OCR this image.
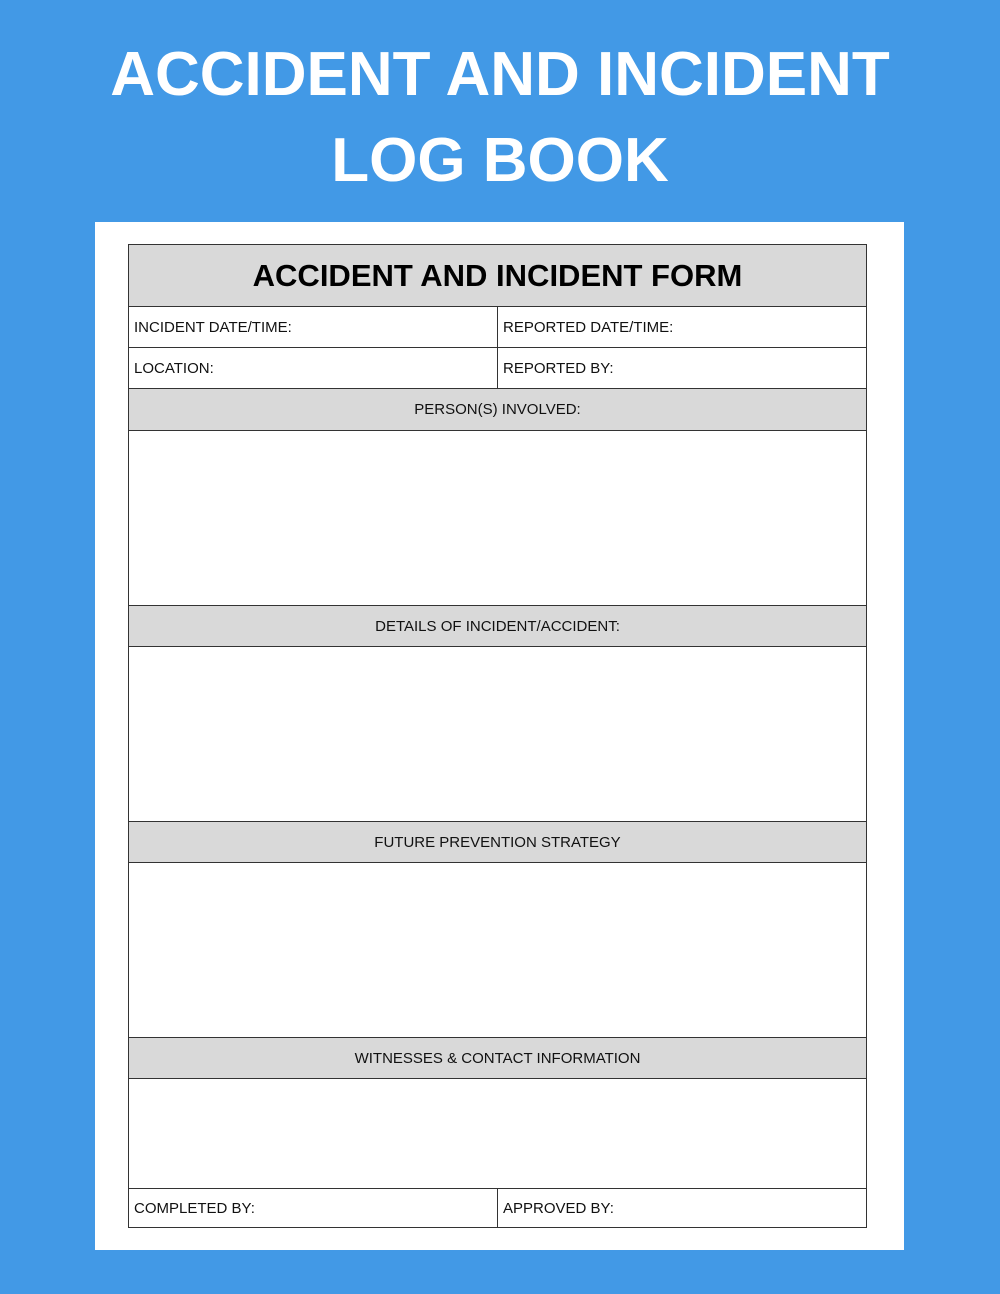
ACCIDENT AND INCIDENT
LOG BOOK
ACCIDENT AND INCIDENT FORM
INCIDENT DATE/TIME:	REPORTED DATE/TIME:
LOCATION:	REPORTED BY:
PERSON(S) INVOLVED:
DETAILS OF INCIDENT/ACCIDENT:
FUTURE PREVENTION STRATEGY
WITNESSES & CONTACT INFORMATION
COMPLETED BY:	APPROVED BY:
